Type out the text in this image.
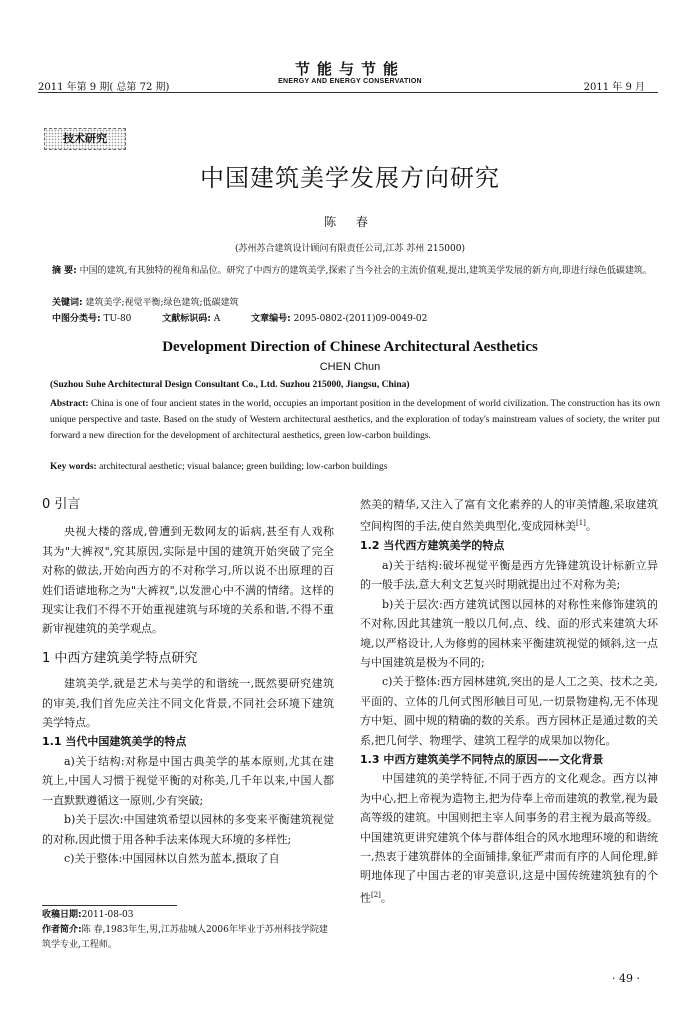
2011 年第 9 期( 总第 72 期)
节能与节能
ENERGY AND ENERGY CONSERVATION
2011 年 9 月
技术研究
中国建筑美学发展方向研究
陈 春
(苏州苏合建筑设计顾问有限责任公司,江苏 苏州 215000)
摘 要: 中国的建筑,有其独特的视角和品位。研究了中西方的建筑美学,探索了当今社会的主流价值观,提出,建筑美学发展的新方向,即进行绿色低碳建筑。
关键词: 建筑美学;视觉平衡;绿色建筑;低碳建筑
中图分类号: TU-80	文献标识码: A	文章编号: 2095-0802-(2011)09-0049-02
Development Direction of Chinese Architectural Aesthetics
CHEN Chun
(Suzhou Suhe Architectural Design Consultant Co., Ltd. Suzhou 215000, Jiangsu, China)
Abstract: China is one of four ancient states in the world, occupies an important position in the development of world civilization. The construction has its own unique perspective and taste. Based on the study of Western architectural aesthetics, and the exploration of today's mainstream values of society, the writer put forward a new direction for the development of architectural aesthetics, green low-carbon buildings.
Key words: architectural aesthetic; visual balance; green building; low-carbon buildings
0 引言
央视大楼的落成,曾遭到无数网友的诟病,甚至有人戏称其为"大裤衩",究其原因,实际是中国的建筑开始突破了完全对称的做法,开始向西方的不对称学习,所以说不出原理的百姓们语谑地称之为"大裤衩",以发泄心中不满的情绪。这样的现实让我们不得不开始重视建筑与环境的关系和谐,不得不重新审视建筑的美学观点。
1 中西方建筑美学特点研究
建筑美学,就是艺术与美学的和谐统一,既然要研究建筑的审美,我们首先应关注不同文化背景,不同社会环境下建筑美学特点。
1.1 当代中国建筑美学的特点
a)关于结构:对称是中国古典美学的基本原则,尤其在建筑上,中国人习惯于视觉平衡的对称美,几千年以来,中国人都一直默默遵循这一原则,少有突破;
b)关于层次:中国建筑希望以园林的多变来平衡建筑视觉的对称,因此惯于用各种手法来体现大环境的多样性;
c)关于整体:中国园林以自然为蓝本,摄取了自
收稿日期:2011-08-03
作者简介:陈 春,1983年生,男,江苏盐城人2006年毕业于苏州科技学院建筑学专业,工程师。
然美的精华,又注入了富有文化素养的人的审美情趣,采取建筑空间构图的手法,使自然美典型化,变成园林美[1]。
1.2 当代西方建筑美学的特点
a)关于结构:破坏视觉平衡是西方先锋建筑设计标新立异的一般手法,意大利文艺复兴时期就提出过不对称为美;
b)关于层次:西方建筑试图以园林的对称性来修饰建筑的不对称,因此其建筑一般以几何,点、线、面的形式来建筑大环境,以严格设计,人为修剪的园林来平衡建筑视觉的倾斜,这一点与中国建筑是极为不同的;
c)关于整体:西方园林建筑,突出的是人工之美、技术之美,平面的、立体的几何式图形触目可见,一切景物建构,无不体现方中矩、圆中规的精确的数的关系。西方园林正是通过数的关系,把几何学、物理学、建筑工程学的成果加以物化。
1.3 中西方建筑美学不同特点的原因——文化背景
中国建筑的美学特征,不同于西方的文化观念。西方以神为中心,把上帝视为造物主,把为侍奉上帝而建筑的教堂,视为最高等级的建筑。中国则把主宰人间事务的君主视为最高等级。中国建筑更讲究建筑个体与群体组合的风水地理环境的和谐统一,热衷于建筑群体的全面铺排,象征严肃而有序的人间伦理,鲜明地体现了中国古老的审美意识,这是中国传统建筑独有的个性[2]。
· 49 ·
